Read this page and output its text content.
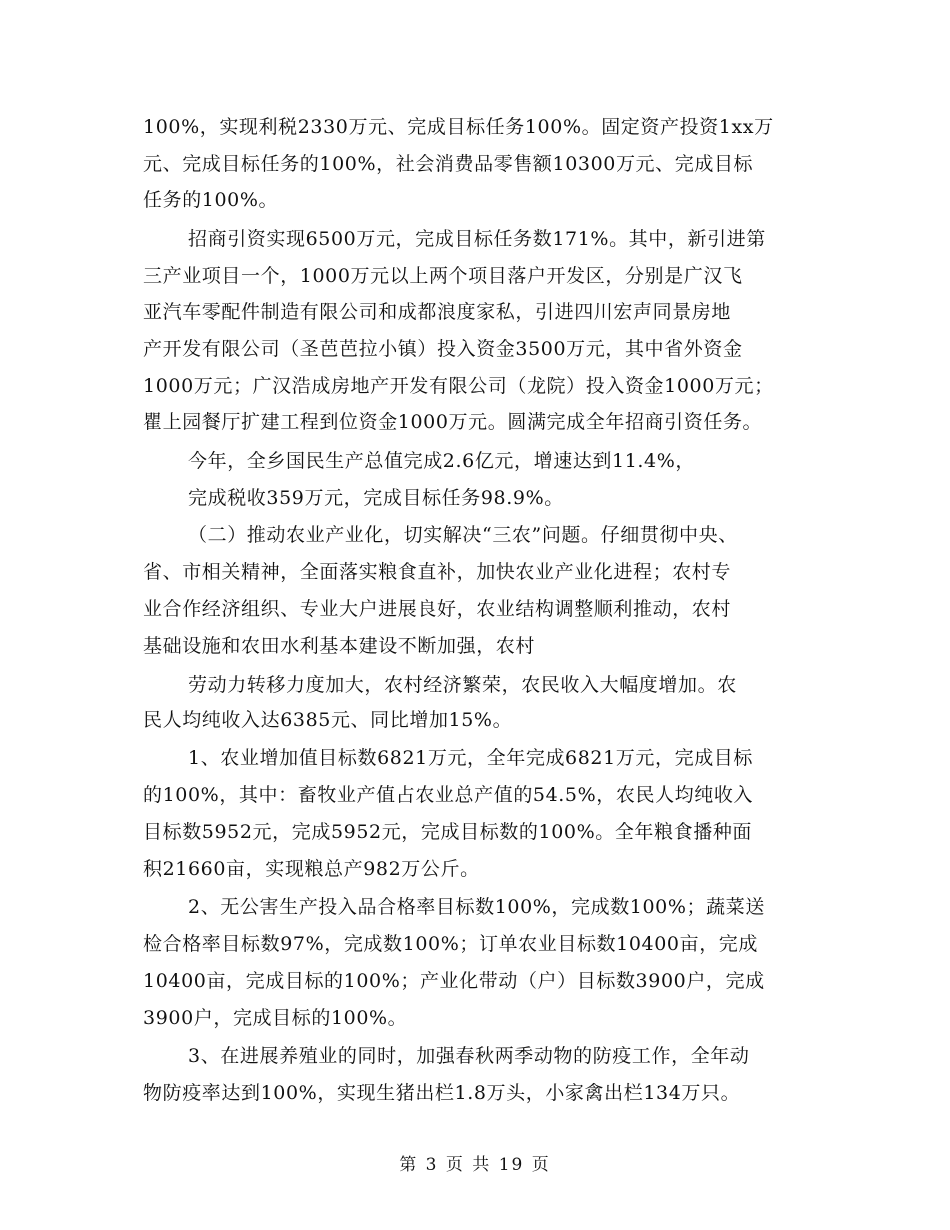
100%，实现利税2330万元、完成目标任务100%。固定资产投资1xx万
元、完成目标任务的100%，社会消费品零售额10300万元、完成目标
任务的100%。
招商引资实现6500万元，完成目标任务数171%。其中，新引进第
三产业项目一个，1000万元以上两个项目落户开发区，分别是广汉飞
亚汽车零配件制造有限公司和成都浪度家私，引进四川宏声同景房地
产开发有限公司（圣芭芭拉小镇）投入资金3500万元，其中省外资金
1000万元；广汉浩成房地产开发有限公司（龙院）投入资金1000万元；
瞿上园餐厅扩建工程到位资金1000万元。圆满完成全年招商引资任务。
今年，全乡国民生产总值完成2.6亿元，增速达到11.4%，
完成税收359万元，完成目标任务98.9%。
（二）推动农业产业化，切实解决“三农”问题。仔细贯彻中央、
省、市相关精神，全面落实粮食直补，加快农业产业化进程；农村专
业合作经济组织、专业大户进展良好，农业结构调整顺利推动，农村
基础设施和农田水利基本建设不断加强，农村
劳动力转移力度加大，农村经济繁荣，农民收入大幅度增加。农
民人均纯收入达6385元、同比增加15%。
1、农业增加值目标数6821万元，全年完成6821万元，完成目标
的100%，其中：畜牧业产值占农业总产值的54.5%，农民人均纯收入
目标数5952元，完成5952元，完成目标数的100%。全年粮食播种面
积21660亩，实现粮总产982万公斤。
2、无公害生产投入品合格率目标数100%，完成数100%；蔬菜送
检合格率目标数97%，完成数100%；订单农业目标数10400亩，完成
10400亩，完成目标的100%；产业化带动（户）目标数3900户，完成
3900户，完成目标的100%。
3、在进展养殖业的同时，加强春秋两季动物的防疫工作，全年动
物防疫率达到100%，实现生猪出栏1.8万头，小家禽出栏134万只。
第 3 页 共 19 页
